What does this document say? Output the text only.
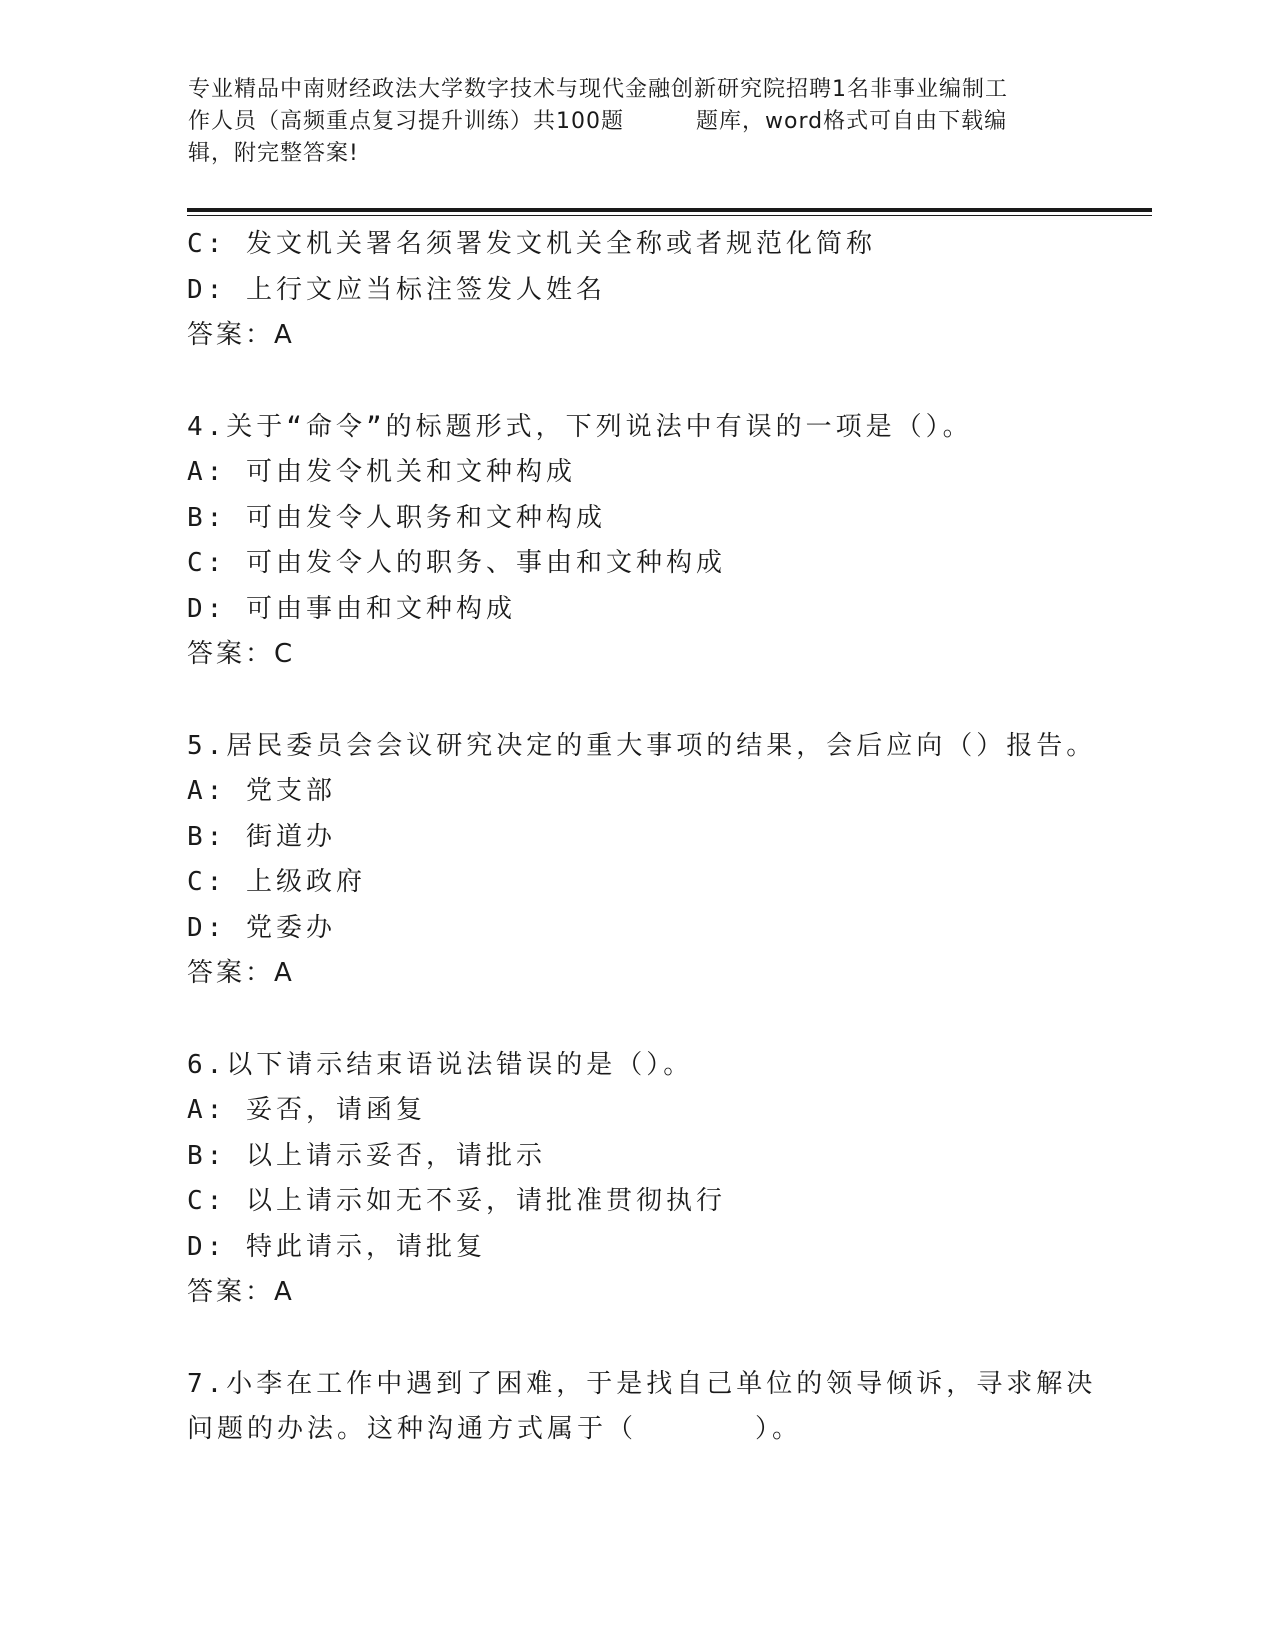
专业精品中南财经政法大学数字技术与现代金融创新研究院招聘1名非事业编制工
作人员（高频重点复习提升训练）共100题	题库，word格式可自由下载编
辑，附完整答案!
C: 发文机关署名须署发文机关全称或者规范化简称
D: 上行文应当标注签发人姓名
答案：A
4.关于“命令”的标题形式，下列说法中有误的一项是（）。
A: 可由发令机关和文种构成
B: 可由发令人职务和文种构成
C: 可由发令人的职务、事由和文种构成
D: 可由事由和文种构成
答案：C
5.居民委员会会议研究决定的重大事项的结果，会后应向（）报告。
A: 党支部
B: 街道办
C: 上级政府
D: 党委办
答案：A
6.以下请示结束语说法错误的是（）。
A: 妥否，请函复
B: 以上请示妥否，请批示
C: 以上请示如无不妥，请批准贯彻执行
D: 特此请示，请批复
答案：A
7.小李在工作中遇到了困难，于是找自己单位的领导倾诉，寻求解决
问题的办法。这种沟通方式属于（	）。
